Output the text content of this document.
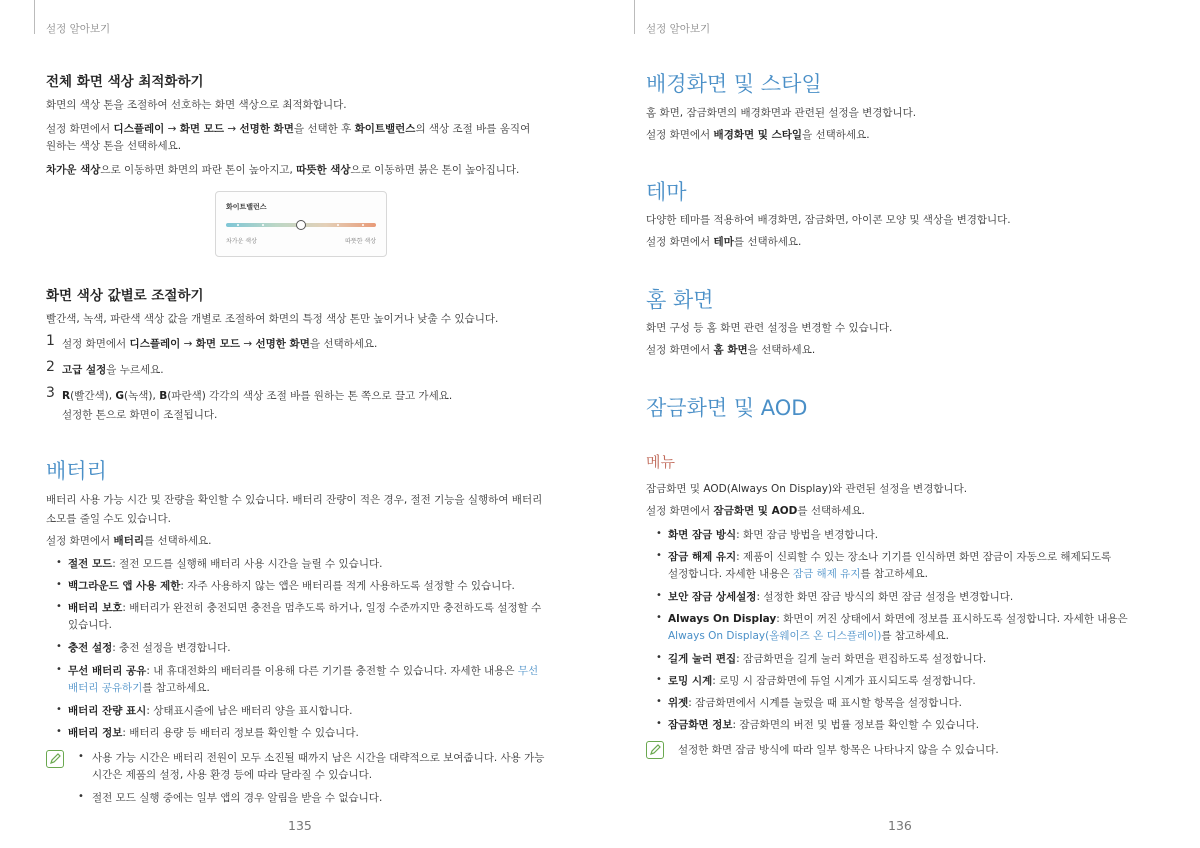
설정 알아보기
전체 화면 색상 최적화하기
화면의 색상 톤을 조절하여 선호하는 화면 색상으로 최적화합니다.
설정 화면에서 디스플레이 → 화면 모드 → 선명한 화면을 선택한 후 화이트밸런스의 색상 조절 바를 움직여
원하는 색상 톤을 선택하세요.
차가운 색상으로 이동하면 화면의 파란 톤이 높아지고, 따뜻한 색상으로 이동하면 붉은 톤이 높아집니다.
화이트밸런스
차가운 색상	따뜻한 색상
화면 색상 값별로 조절하기
빨간색, 녹색, 파란색 색상 값을 개별로 조절하여 화면의 특정 색상 톤만 높이거나 낮출 수 있습니다.
1 설정 화면에서 디스플레이 → 화면 모드 → 선명한 화면을 선택하세요.
2 고급 설정을 누르세요.
3 R(빨간색), G(녹색), B(파란색) 각각의 색상 조절 바를 원하는 톤 쪽으로 끌고 가세요.
설정한 톤으로 화면이 조절됩니다.
배터리
배터리 사용 가능 시간 및 잔량을 확인할 수 있습니다. 배터리 잔량이 적은 경우, 절전 기능을 실행하여 배터리
소모를 줄일 수도 있습니다.
설정 화면에서 배터리를 선택하세요.
• 절전 모드: 절전 모드를 실행해 배터리 사용 시간을 늘릴 수 있습니다.
• 백그라운드 앱 사용 제한: 자주 사용하지 않는 앱은 배터리를 적게 사용하도록 설정할 수 있습니다.
• 배터리 보호: 배터리가 완전히 충전되면 충전을 멈추도록 하거나, 일정 수준까지만 충전하도록 설정할 수
있습니다.
• 충전 설정: 충전 설정을 변경합니다.
• 무선 배터리 공유: 내 휴대전화의 배터리를 이용해 다른 기기를 충전할 수 있습니다. 자세한 내용은 무선
배터리 공유하기를 참고하세요.
• 배터리 잔량 표시: 상태표시줄에 남은 배터리 양을 표시합니다.
• 배터리 정보: 배터리 용량 등 배터리 정보를 확인할 수 있습니다.
• 사용 가능 시간은 배터리 전원이 모두 소진될 때까지 남은 시간을 대략적으로 보여줍니다. 사용 가능
시간은 제품의 설정, 사용 환경 등에 따라 달라질 수 있습니다.
• 절전 모드 실행 중에는 일부 앱의 경우 알림을 받을 수 없습니다.
135
설정 알아보기
배경화면 및 스타일
홈 화면, 잠금화면의 배경화면과 관련된 설정을 변경합니다.
설정 화면에서 배경화면 및 스타일을 선택하세요.
테마
다양한 테마를 적용하여 배경화면, 잠금화면, 아이콘 모양 및 색상을 변경합니다.
설정 화면에서 테마를 선택하세요.
홈 화면
화면 구성 등 홈 화면 관련 설정을 변경할 수 있습니다.
설정 화면에서 홈 화면을 선택하세요.
잠금화면 및 AOD
메뉴
잠금화면 및 AOD(Always On Display)와 관련된 설정을 변경합니다.
설정 화면에서 잠금화면 및 AOD를 선택하세요.
• 화면 잠금 방식: 화면 잠금 방법을 변경합니다.
• 잠금 해제 유지: 제품이 신뢰할 수 있는 장소나 기기를 인식하면 화면 잠금이 자동으로 해제되도록
설정합니다. 자세한 내용은 잠금 해제 유지를 참고하세요.
• 보안 잠금 상세설정: 설정한 화면 잠금 방식의 화면 잠금 설정을 변경합니다.
• Always On Display: 화면이 꺼진 상태에서 화면에 정보를 표시하도록 설정합니다. 자세한 내용은
Always On Display(올웨이즈 온 디스플레이)를 참고하세요.
• 길게 눌러 편집: 잠금화면을 길게 눌러 화면을 편집하도록 설정합니다.
• 로밍 시계: 로밍 시 잠금화면에 듀얼 시계가 표시되도록 설정합니다.
• 위젯: 잠금화면에서 시계를 눌렀을 때 표시할 항목을 설정합니다.
• 잠금화면 정보: 잠금화면의 버전 및 법률 정보를 확인할 수 있습니다.
설정한 화면 잠금 방식에 따라 일부 항목은 나타나지 않을 수 있습니다.
136
